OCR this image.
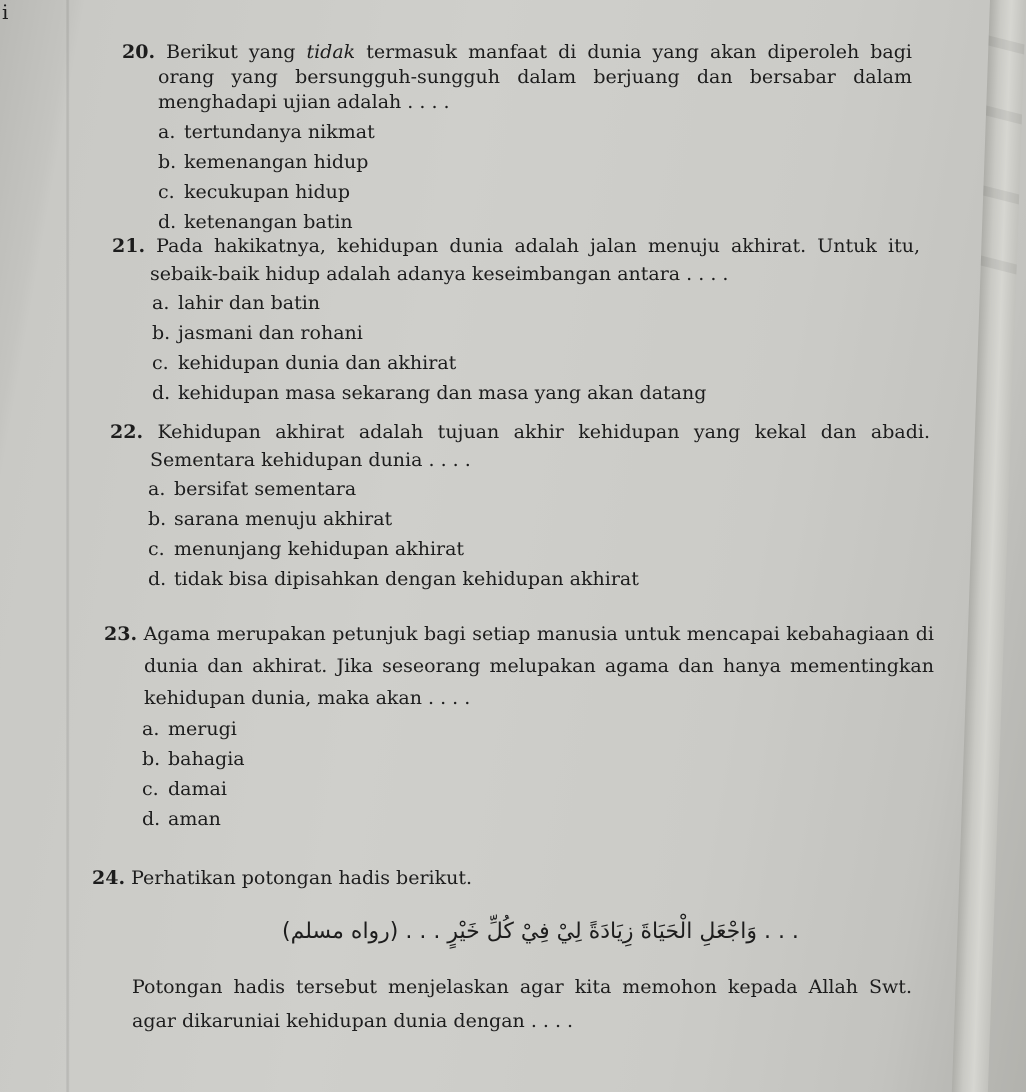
i
20. Berikut yang tidak termasuk manfaat di dunia yang akan diperoleh bagi orang yang bersungguh-sungguh dalam berjuang dan bersabar dalam menghadapi ujian adalah . . . .
a. tertundanya nikmat
b. kemenangan hidup
c. kecukupan hidup
d. ketenangan batin
21. Pada hakikatnya, kehidupan dunia adalah jalan menuju akhirat. Untuk itu, sebaik-baik hidup adalah adanya keseimbangan antara . . . .
a. lahir dan batin
b. jasmani dan rohani
c. kehidupan dunia dan akhirat
d. kehidupan masa sekarang dan masa yang akan datang
22. Kehidupan akhirat adalah tujuan akhir kehidupan yang kekal dan abadi. Sementara kehidupan dunia . . . .
a. bersifat sementara
b. sarana menuju akhirat
c. menunjang kehidupan akhirat
d. tidak bisa dipisahkan dengan kehidupan akhirat
23. Agama merupakan petunjuk bagi setiap manusia untuk mencapai kebahagiaan di dunia dan akhirat. Jika seseorang melupakan agama dan hanya mementingkan kehidupan dunia, maka akan . . . .
a. merugi
b. bahagia
c. damai
d. aman
24. Perhatikan potongan hadis berikut.
. . . وَاجْعَلِ الْحَيَاةَ زِيَادَةً لِيْ فِيْ كُلِّ خَيْرٍ . . . (رواه مسلم)
Potongan hadis tersebut menjelaskan agar kita memohon kepada Allah Swt. agar dikaruniai kehidupan dunia dengan . . . .
